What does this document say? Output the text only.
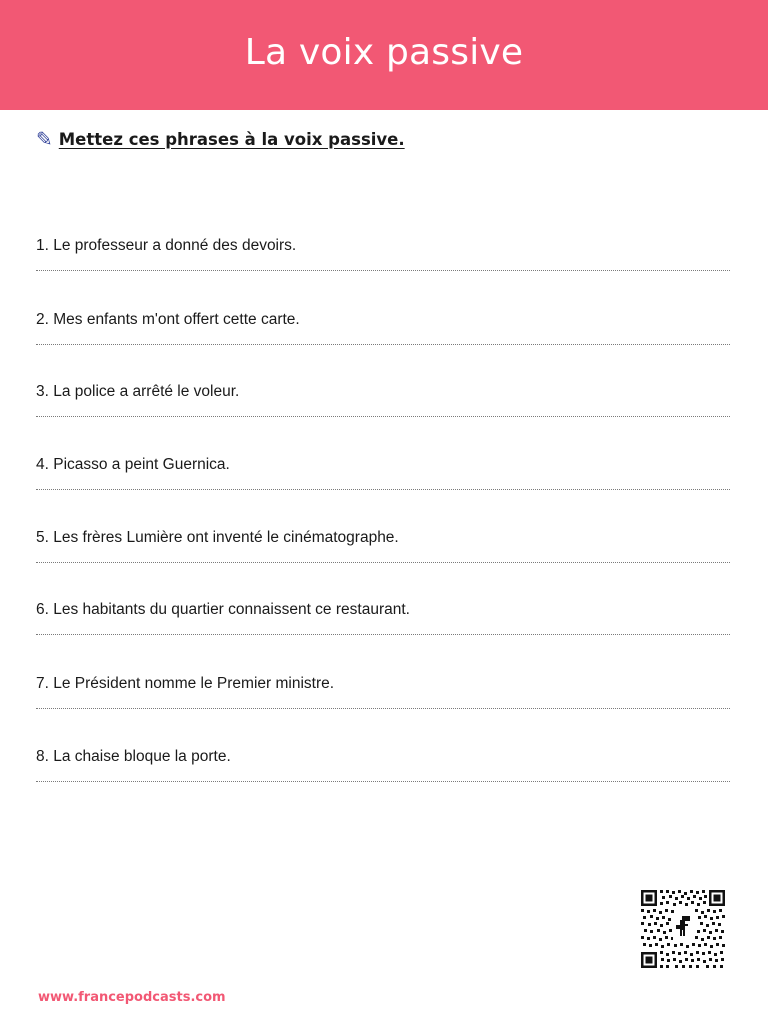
La voix passive
✎ Mettez ces phrases à la voix passive.
1. Le professeur a donné des devoirs.
2. Mes enfants m'ont offert cette carte.
3. La police a arrêté le voleur.
4. Picasso a peint Guernica.
5. Les frères Lumière ont inventé le cinématographe.
6. Les habitants du quartier connaissent ce restaurant.
7. Le Président nomme le Premier ministre.
8. La chaise bloque la porte.
www.francepodcasts.com
